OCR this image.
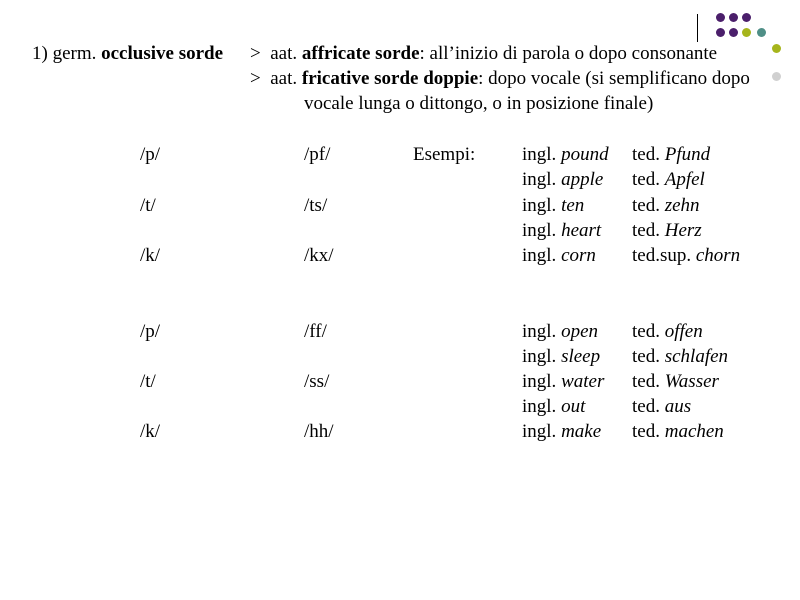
1) germ. occlusive sorde > aat. affricate sorde: all’inizio di parola o dopo consonante
> aat. fricative sorde doppie: dopo vocale (si semplificano dopo
vocale lunga o dittongo, o in posizione finale)
Esempi:
/p/	/pf/	ingl. pound ted. Pfund
ingl. apple ted. Apfel
/t/	/ts/	ingl. ten	ted. zehn
ingl. heart ted. Herz
/k/	/kx/	ingl. corn ted.sup. chorn
/p/	/ff/	ingl. open ted. offen
ingl. sleep ted. schlafen
/t/	/ss/	ingl. water ted. Wasser
ingl. out ted. aus
/k/	/hh/	ingl. make ted. machen
